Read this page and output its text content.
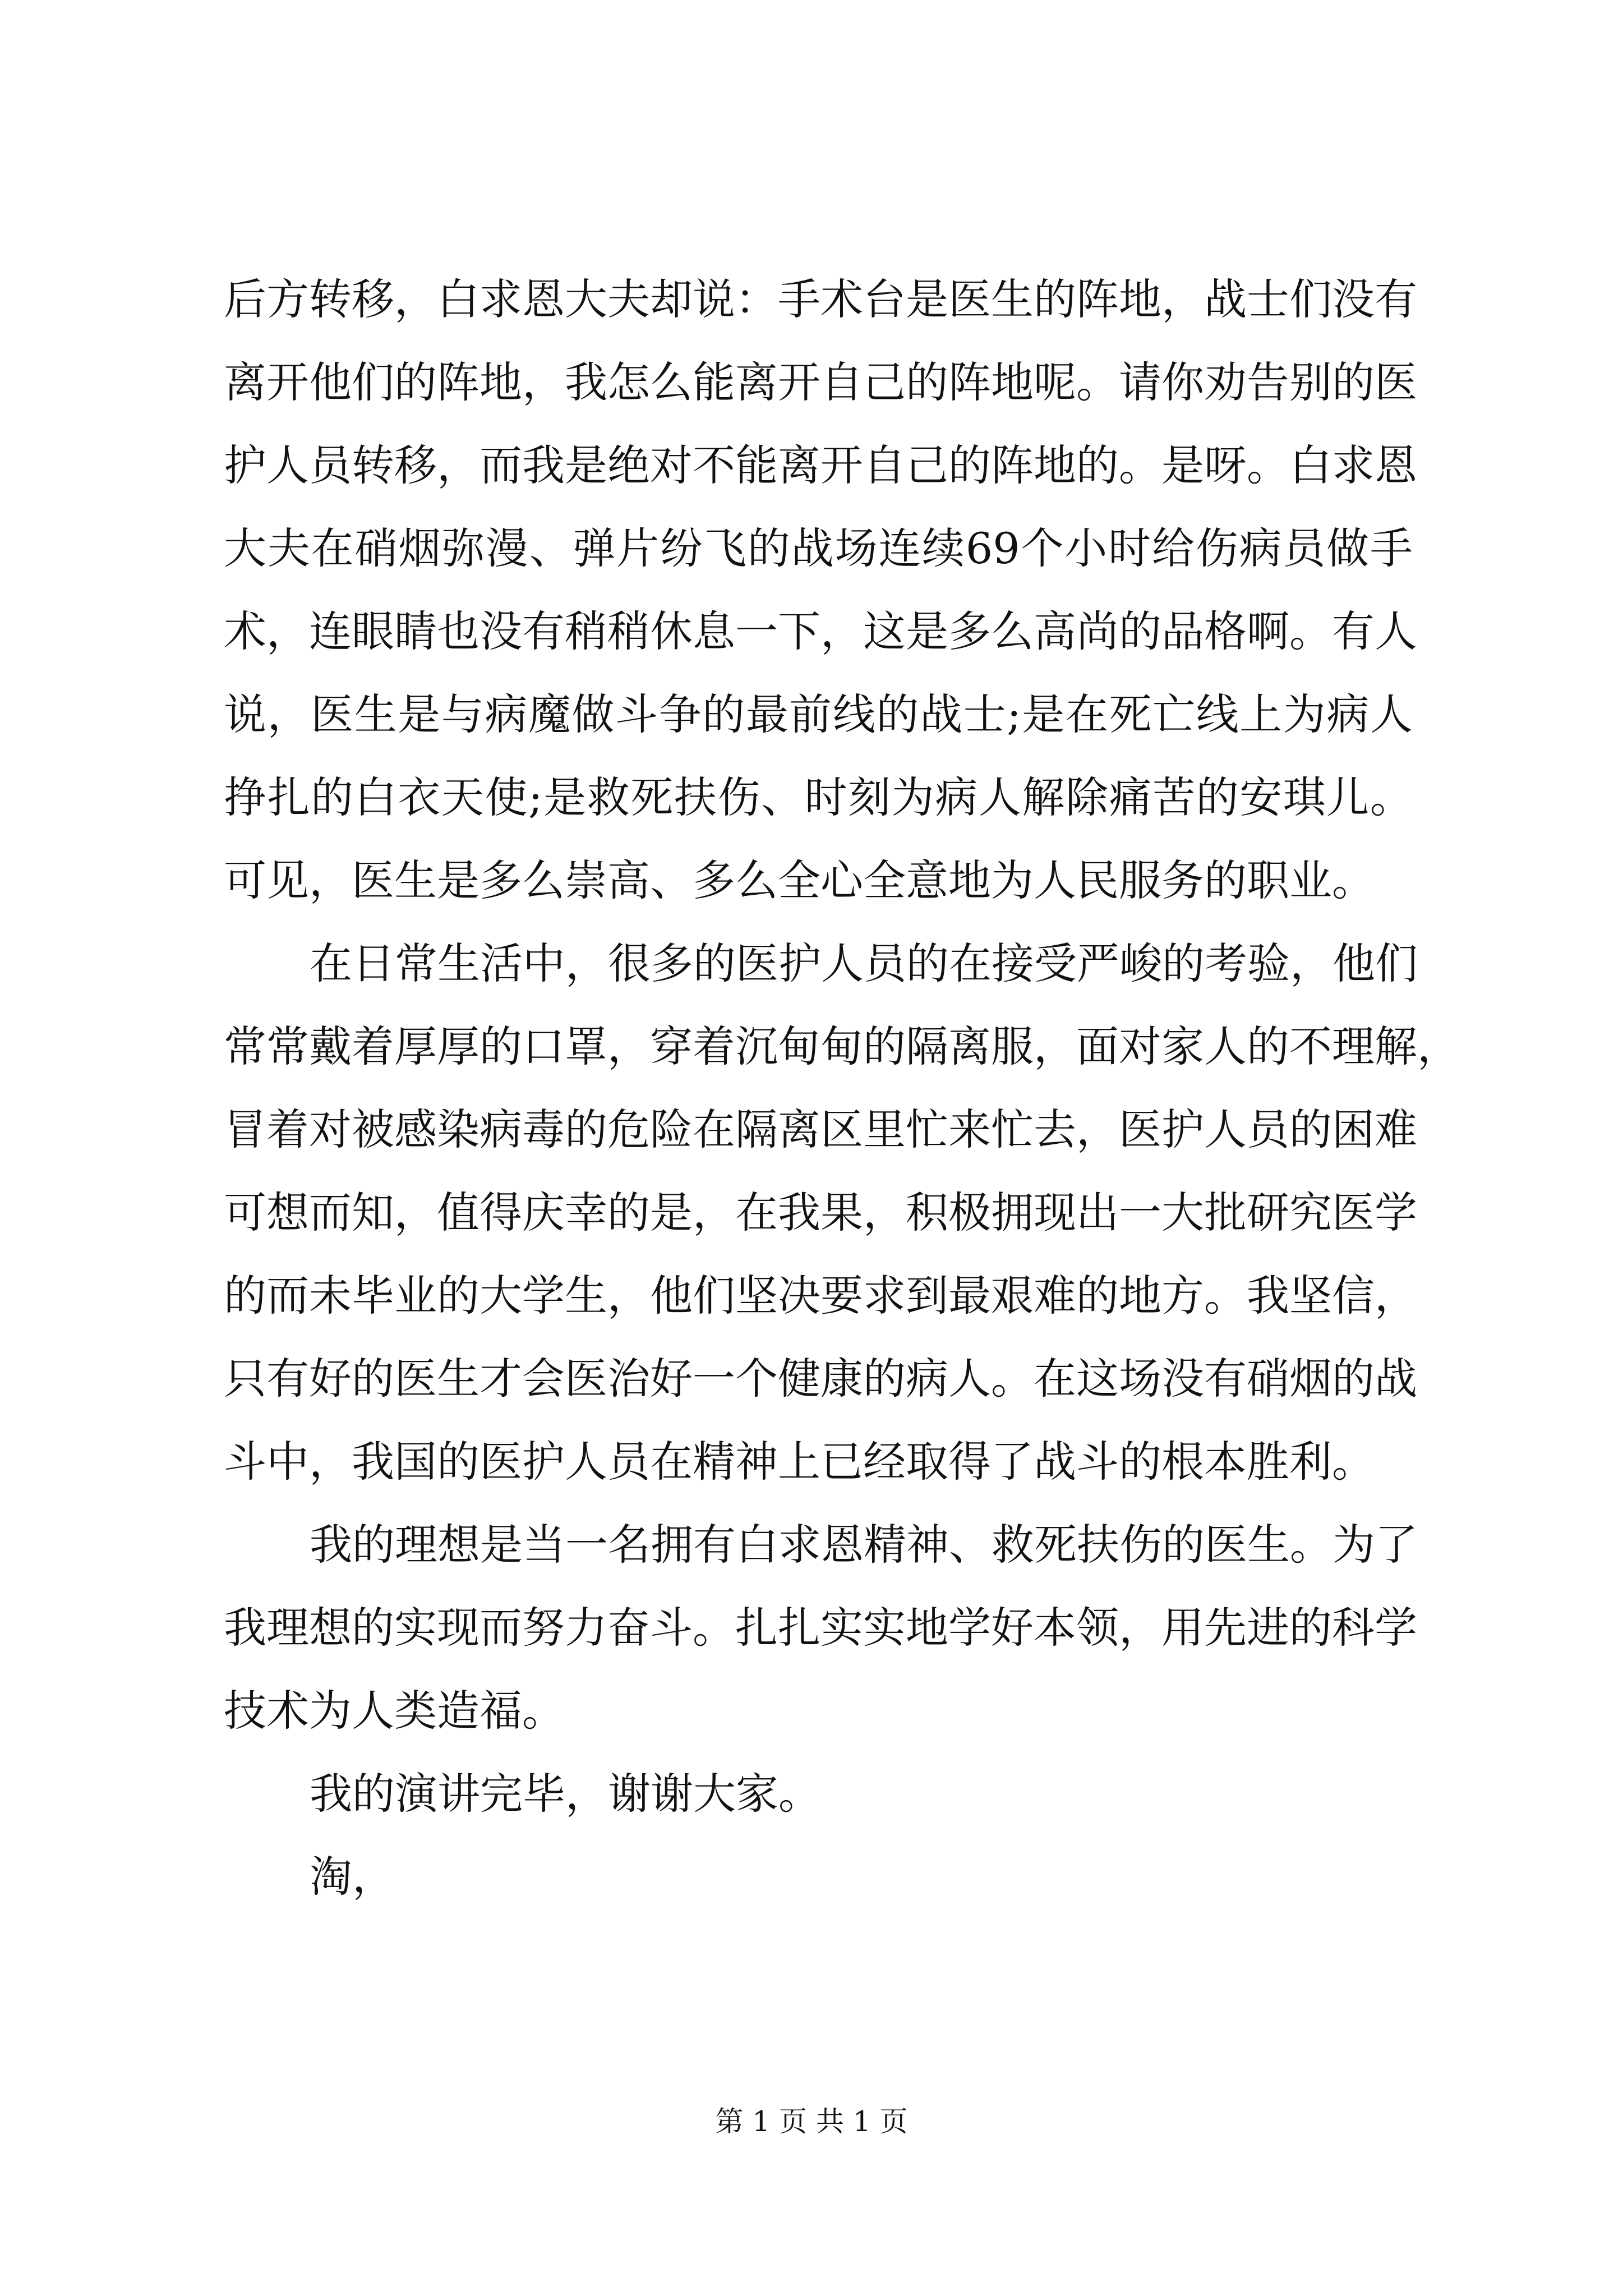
后方转移，白求恩大夫却说：手术台是医生的阵地，战士们没有
离开他们的阵地，我怎么能离开自己的阵地呢。请你劝告别的医
护人员转移，而我是绝对不能离开自己的阵地的。是呀。白求恩
大夫在硝烟弥漫、弹片纷飞的战场连续69个小时给伤病员做手
术，连眼睛也没有稍稍休息一下，这是多么高尚的品格啊。有人
说，医生是与病魔做斗争的最前线的战士;是在死亡线上为病人
挣扎的白衣天使;是救死扶伤、时刻为病人解除痛苦的安琪儿。
可见，医生是多么崇高、多么全心全意地为人民服务的职业。
在日常生活中，很多的医护人员的在接受严峻的考验，他们
常常戴着厚厚的口罩，穿着沉甸甸的隔离服，面对家人的不理解，
冒着对被感染病毒的危险在隔离区里忙来忙去，医护人员的困难
可想而知，值得庆幸的是，在我果，积极拥现出一大批研究医学
的而未毕业的大学生，他们坚决要求到最艰难的地方。我坚信，
只有好的医生才会医治好一个健康的病人。在这场没有硝烟的战
斗中，我国的医护人员在精神上已经取得了战斗的根本胜利。
我的理想是当一名拥有白求恩精神、救死扶伤的医生。为了
我理想的实现而努力奋斗。扎扎实实地学好本领，用先进的科学
技术为人类造福。
我的演讲完毕，谢谢大家。
淘，
第 1 页 共 1 页
